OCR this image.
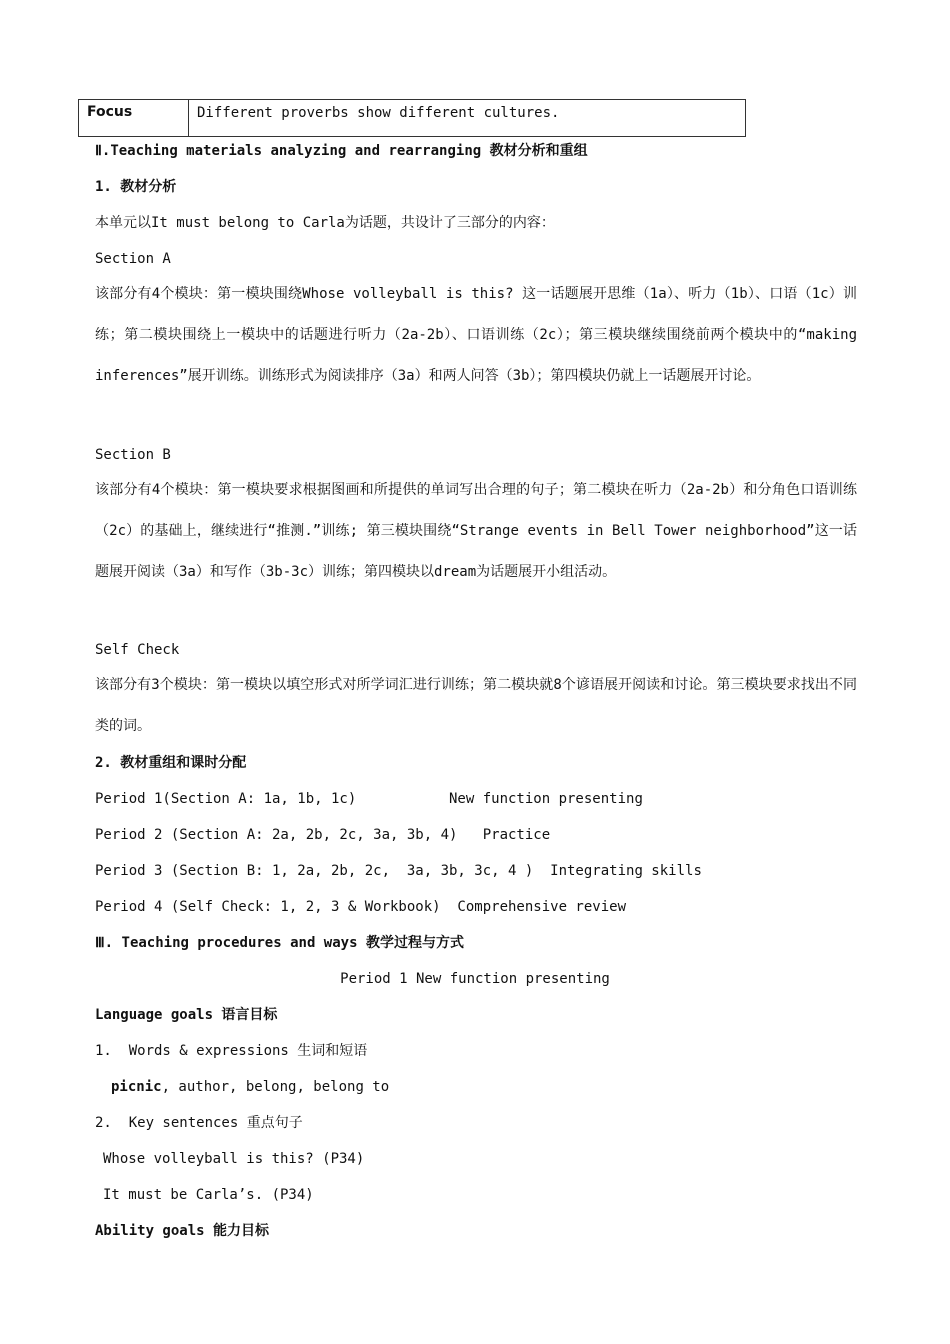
Focus	Different proverbs show different cultures.
Ⅱ.Teaching materials analyzing and rearranging 教材分析和重组
1. 教材分析
本单元以It must belong to Carla为话题，共设计了三部分的内容：
Section A
该部分有4个模块：第一模块围绕Whose volleyball is this? 这一话题展开思维（1a）、听力（1b）、口语（1c）训练；第二模块围绕上一模块中的话题进行听力（2a-2b）、口语训练（2c）；第三模块继续围绕前两个模块中的“making inferences”展开训练。训练形式为阅读排序（3a）和两人问答（3b）；第四模块仍就上一话题展开讨论。
Section B
该部分有4个模块：第一模块要求根据图画和所提供的单词写出合理的句子；第二模块在听力（2a-2b）和分角色口语训练（2c）的基础上，继续进行“推测.”训练; 第三模块围绕“Strange events in Bell Tower neighborhood”这一话题展开阅读（3a）和写作（3b-3c）训练；第四模块以dream为话题展开小组活动。
Self Check
该部分有3个模块：第一模块以填空形式对所学词汇进行训练；第二模块就8个谚语展开阅读和讨论。第三模块要求找出不同类的词。
2. 教材重组和课时分配
Period 1(Section A: 1a, 1b, 1c)           New function presenting
Period 2 (Section A: 2a, 2b, 2c, 3a, 3b, 4)   Practice
Period 3 (Section B: 1, 2a, 2b, 2c,  3a, 3b, 3c, 4 )  Integrating skills
Period 4 (Self Check: 1, 2, 3 & Workbook)  Comprehensive review
Ⅲ. Teaching procedures and ways 教学过程与方式
Period 1 New function presenting
Language goals 语言目标
1.  Words & expressions 生词和短语
picnic, author, belong, belong to
2.  Key sentences 重点句子
Whose volleyball is this? (P34)
It must be Carla’s. (P34)
Ability goals 能力目标
